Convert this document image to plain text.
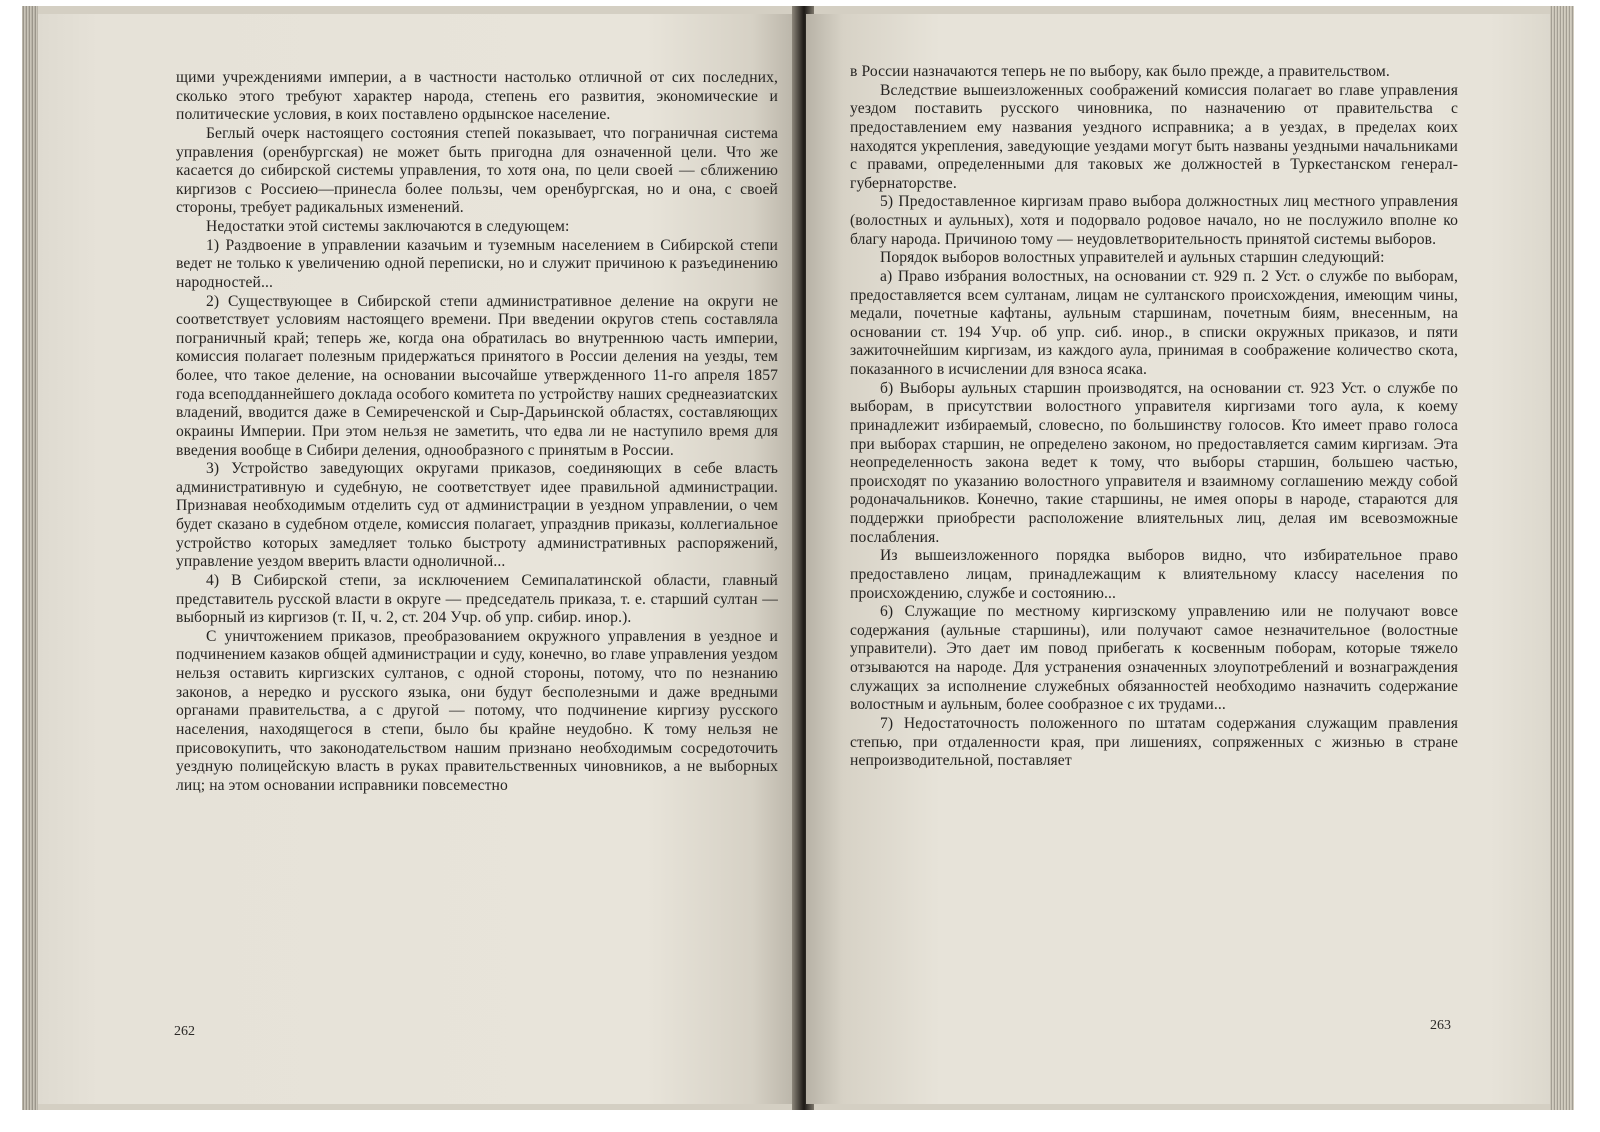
щими учреждениями империи, а в частности настолько отличной от сих последних, сколько этого требуют характер народа, степень его развития, экономические и политические условия, в коих поставлено ордынское население.

Беглый очерк настоящего состояния степей показывает, что пограничная система управления (оренбургская) не может быть пригодна для означенной цели. Что же касается до сибирской системы управления, то хотя она, по цели своей — сближению киргизов с Россиею—принесла более пользы, чем оренбургская, но и она, с своей стороны, требует радикальных изменений.

Недостатки этой системы заключаются в следующем:

1) Раздвоение в управлении казачьим и туземным населением в Сибирской степи ведет не только к увеличению одной переписки, но и служит причиною к разъединению народностей...

2) Существующее в Сибирской степи административное деление на округи не соответствует условиям настоящего времени. При введении округов степь составляла пограничный край; теперь же, когда она обратилась во внутреннюю часть империи, комиссия полагает полезным придержаться принятого в России деления на уезды, тем более, что такое деление, на основании высочайше утвержденного 11-го апреля 1857 года всеподданнейшего доклада особого комитета по устройству наших среднеазиатских владений, вводится даже в Семиреченской и Сыр-Дарьинской областях, составляющих окраины Империи. При этом нельзя не заметить, что едва ли не наступило время для введения вообще в Сибири деления, однообразного с принятым в России.

3) Устройство заведующих округами приказов, соединяющих в себе власть административную и судебную, не соответствует идее правильной администрации. Признавая необходимым отделить суд от администрации в уездном управлении, о чем будет сказано в судебном отделе, комиссия полагает, упразднив приказы, коллегиальное устройство которых замедляет только быстроту административных распоряжений, управление уездом вверить власти одноличной...

4) В Сибирской степи, за исключением Семипалатинской области, главный представитель русской власти в округе — председатель приказа, т. е. старший султан — выборный из киргизов (т. II, ч. 2, ст. 204 Учр. об упр. сибир. инор.).

С уничтожением приказов, преобразованием окружного управления в уездное и подчинением казаков общей администрации и суду, конечно, во главе управления уездом нельзя оставить киргизских султанов, с одной стороны, потому, что по незнанию законов, а нередко и русского языка, они будут бесполезными и даже вредными органами правительства, а с другой — потому, что подчинение киргизу русского населения, находящегося в степи, было бы крайне неудобно. К тому нельзя не присовокупить, что законодательством нашим признано необходимым сосредоточить уездную полицейскую власть в руках правительственных чиновников, а не выборных лиц; на этом основании исправники повсеместно

262

в России назначаются теперь не по выбору, как было прежде, а правительством.

Вследствие вышеизложенных соображений комиссия полагает во главе управления уездом поставить русского чиновника, по назначению от правительства с предоставлением ему названия уездного исправника; а в уездах, в пределах коих находятся укрепления, заведующие уездами могут быть названы уездными начальниками с правами, определенными для таковых же должностей в Туркестанском генерал-губернаторстве.

5) Предоставленное киргизам право выбора должностных лиц местного управления (волостных и аульных), хотя и подорвало родовое начало, но не послужило вполне ко благу народа. Причиною тому — неудовлетворительность принятой системы выборов.

Порядок выборов волостных управителей и аульных старшин следующий:

а) Право избрания волостных, на основании ст. 929 п. 2 Уст. о службе по выборам, предоставляется всем султанам, лицам не султанского происхождения, имеющим чины, медали, почетные кафтаны, аульным старшинам, почетным биям, внесенным, на основании ст. 194 Учр. об упр. сиб. инор., в списки окружных приказов, и пяти зажиточнейшим киргизам, из каждого аула, принимая в соображение количество скота, показанного в исчислении для взноса ясака.

б) Выборы аульных старшин производятся, на основании ст. 923 Уст. о службе по выборам, в присутствии волостного управителя киргизами того аула, к коему принадлежит избираемый, словесно, по большинству голосов. Кто имеет право голоса при выборах старшин, не определено законом, но предоставляется самим киргизам. Эта неопределенность закона ведет к тому, что выборы старшин, большею частью, происходят по указанию волостного управителя и взаимному соглашению между собой родоначальников. Конечно, такие старшины, не имея опоры в народе, стараются для поддержки приобрести расположение влиятельных лиц, делая им всевозможные послабления.

Из вышеизложенного порядка выборов видно, что избирательное право предоставлено лицам, принадлежащим к влиятельному классу населения по происхождению, службе и состоянию...

6) Служащие по местному киргизскому управлению или не получают вовсе содержания (аульные старшины), или получают самое незначительное (волостные управители). Это дает им повод прибегать к косвенным поборам, которые тяжело отзываются на народе. Для устранения означенных злоупотреблений и вознаграждения служащих за исполнение служебных обязанностей необходимо назначить содержание волостным и аульным, более сообразное с их трудами...

7) Недостаточность положенного по штатам содержания служащим правления степью, при отдаленности края, при лишениях, сопряженных с жизнью в стране непроизводительной, поставляет

263
